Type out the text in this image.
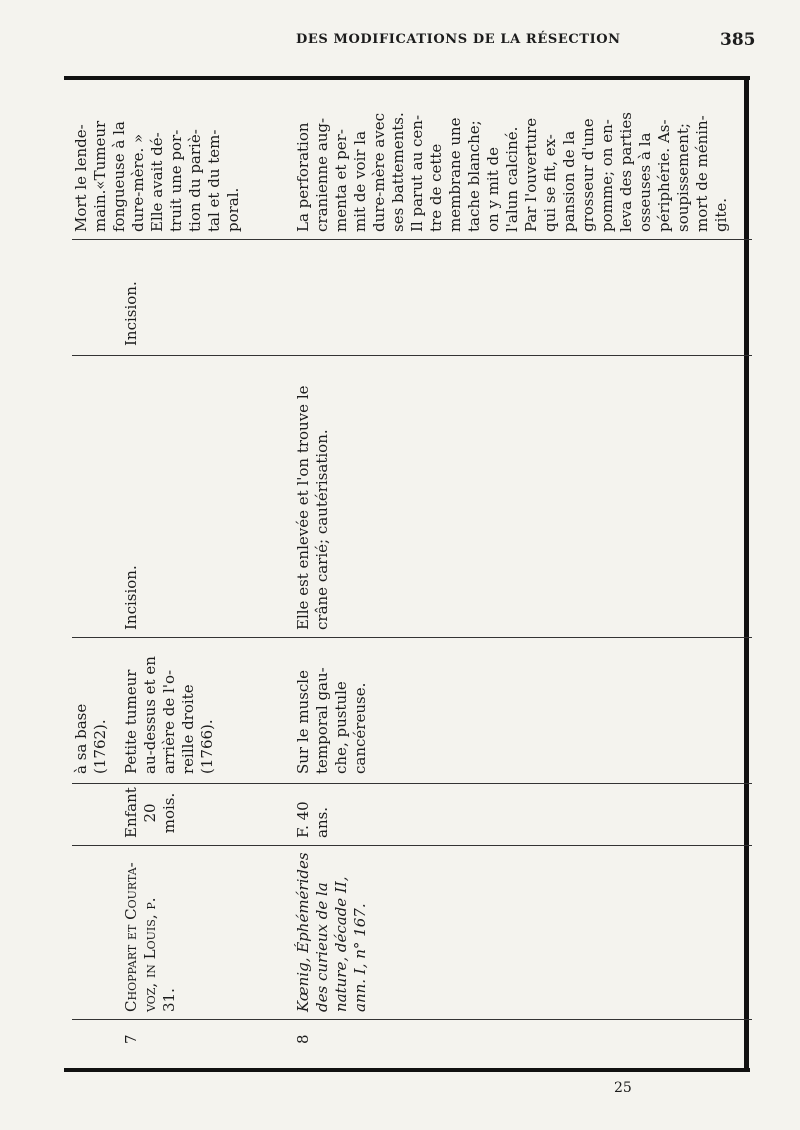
DES MODIFICATIONS DE LA RÉSECTION	385
à sa base
(1762).
Mort le lende-
main.«Tumeur
fongueuse à la
dure-mère. »
Elle avait dé-
truit une por-
tion du pariè-
tal et du tem-
poral.
7
Choppart et Courta-
voz, in Louis, p.
31.
Enfant
20
mois.
Petite tumeur
au-dessus et en
arrière de l'o-
reille droite
(1766).
Incision.
Incision.
8
Kœnig, Éphémérides
des curieux de la
nature, décade II,
ann. I, n° 167.
F. 40
ans.
Sur le muscle
temporal gau-
che, pustule
cancéreuse.
Elle est enlevée et l'on trouve le
crâne carié; cautérisation.
La perforation
cranienne aug-
menta et per-
mit de voir la
dure-mère avec
ses battements.
Il parut au cen-
tre de cette
membrane une
tache blanche;
on y mit de
l'alun calciné.
Par l'ouverture
qui se fit, ex-
pansion de la
grosseur d'une
pomme; on en-
leva des parties
osseuses à la
périphérie. As-
soupissement;
mort de ménin-
gite.
25
